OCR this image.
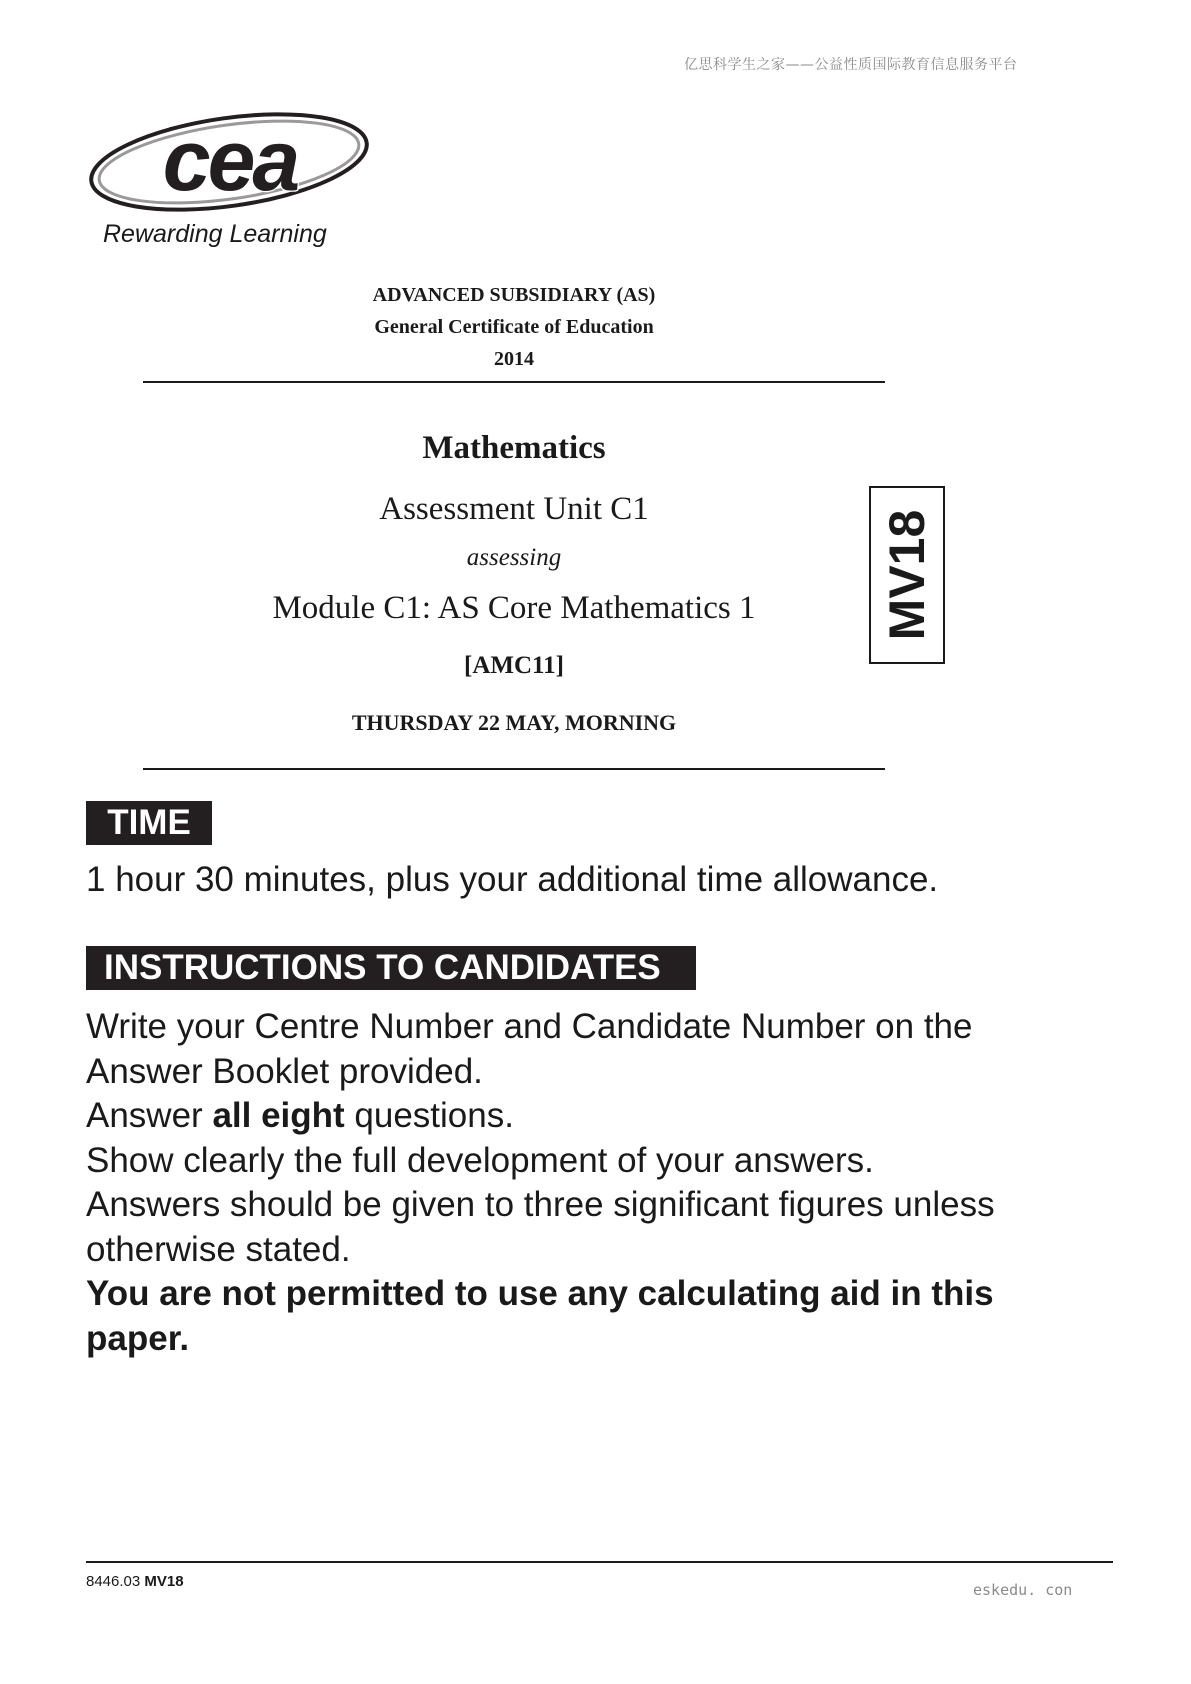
亿思科学生之家——公益性质国际教育信息服务平台
cea
Rewarding Learning
ADVANCED SUBSIDIARY (AS)
General Certificate of Education
2014
Mathematics
Assessment Unit C1
assessing
Module C1: AS Core Mathematics 1
[AMC11]
THURSDAY 22 MAY, MORNING
MV18
TIME
1 hour 30 minutes, plus your additional time allowance.
INSTRUCTIONS TO CANDIDATES

Write your Centre Number and Candidate Number on the Answer Booklet provided.

Answer all eight questions.

Show clearly the full development of your answers.

Answers should be given to three significant figures unless otherwise stated.

You are not permitted to use any calculating aid in this paper.

8446.03 MV18	eskedu. con
